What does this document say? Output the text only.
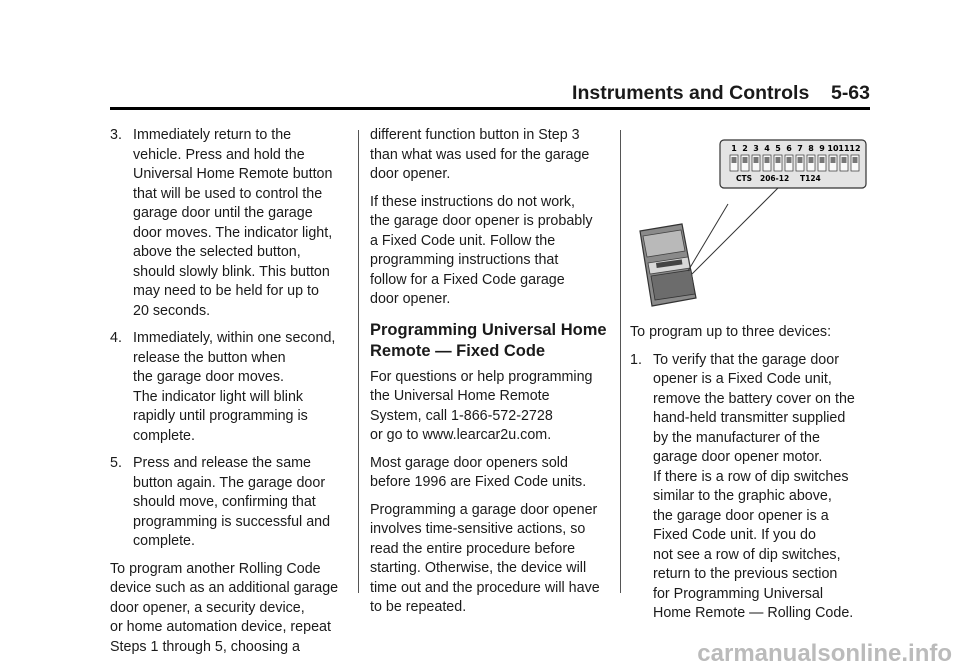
Instruments and Controls    5-63
3. Immediately return to the
vehicle. Press and hold the
Universal Home Remote button
that will be used to control the
garage door until the garage
door moves. The indicator light,
above the selected button,
should slowly blink. This button
may need to be held for up to
20 seconds.
4. Immediately, within one second,
release the button when
the garage door moves.
The indicator light will blink
rapidly until programming is
complete.
5. Press and release the same
button again. The garage door
should move, confirming that
programming is successful and
complete.

To program another Rolling Code
device such as an additional garage
door opener, a security device,
or home automation device, repeat
Steps 1 through 5, choosing a

different function button in Step 3
than what was used for the garage
door opener.

If these instructions do not work,
the garage door opener is probably
a Fixed Code unit. Follow the
programming instructions that
follow for a Fixed Code garage
door opener.

Programming Universal Home
Remote — Fixed Code

For questions or help programming
the Universal Home Remote
System, call 1-866-572-2728
or go to www.learcar2u.com.

Most garage door openers sold
before 1996 are Fixed Code units.

Programming a garage door opener
involves time-sensitive actions, so
read the entire procedure before
starting. Otherwise, the device will
time out and the procedure will have
to be repeated.

1 2 3 4 5 6 7 8 9 10 11 12
CTS 206-12 T124

To program up to three devices:

1. To verify that the garage door
opener is a Fixed Code unit,
remove the battery cover on the
hand-held transmitter supplied
by the manufacturer of the
garage door opener motor.
If there is a row of dip switches
similar to the graphic above,
the garage door opener is a
Fixed Code unit. If you do
not see a row of dip switches,
return to the previous section
for Programming Universal
Home Remote — Rolling Code.
carmanualsonline.info
